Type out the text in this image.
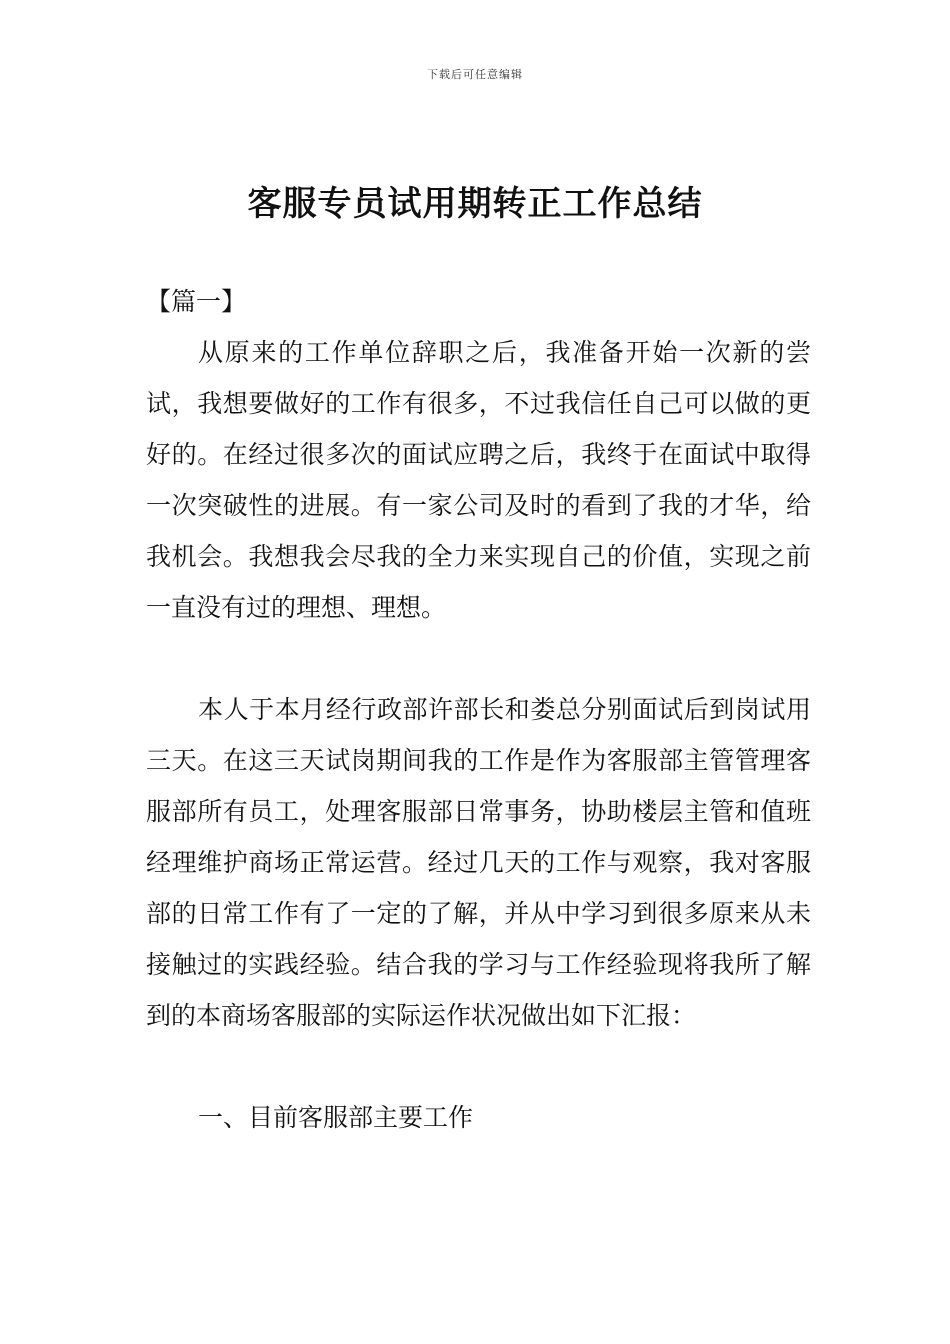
下载后可任意编辑
客服专员试用期转正工作总结

【篇一】

从原来的工作单位辞职之后，我准备开始一次新的尝试，我想要做好的工作有很多，不过我信任自己可以做的更好的。在经过很多次的面试应聘之后，我终于在面试中取得一次突破性的进展。有一家公司及时的看到了我的才华，给我机会。我想我会尽我的全力来实现自己的价值，实现之前一直没有过的理想、理想。

本人于本月经行政部许部长和娄总分别面试后到岗试用三天。在这三天试岗期间我的工作是作为客服部主管管理客服部所有员工，处理客服部日常事务，协助楼层主管和值班经理维护商场正常运营。经过几天的工作与观察，我对客服部的日常工作有了一定的了解，并从中学习到很多原来从未接触过的实践经验。结合我的学习与工作经验现将我所了解到的本商场客服部的实际运作状况做出如下汇报：

一、目前客服部主要工作
